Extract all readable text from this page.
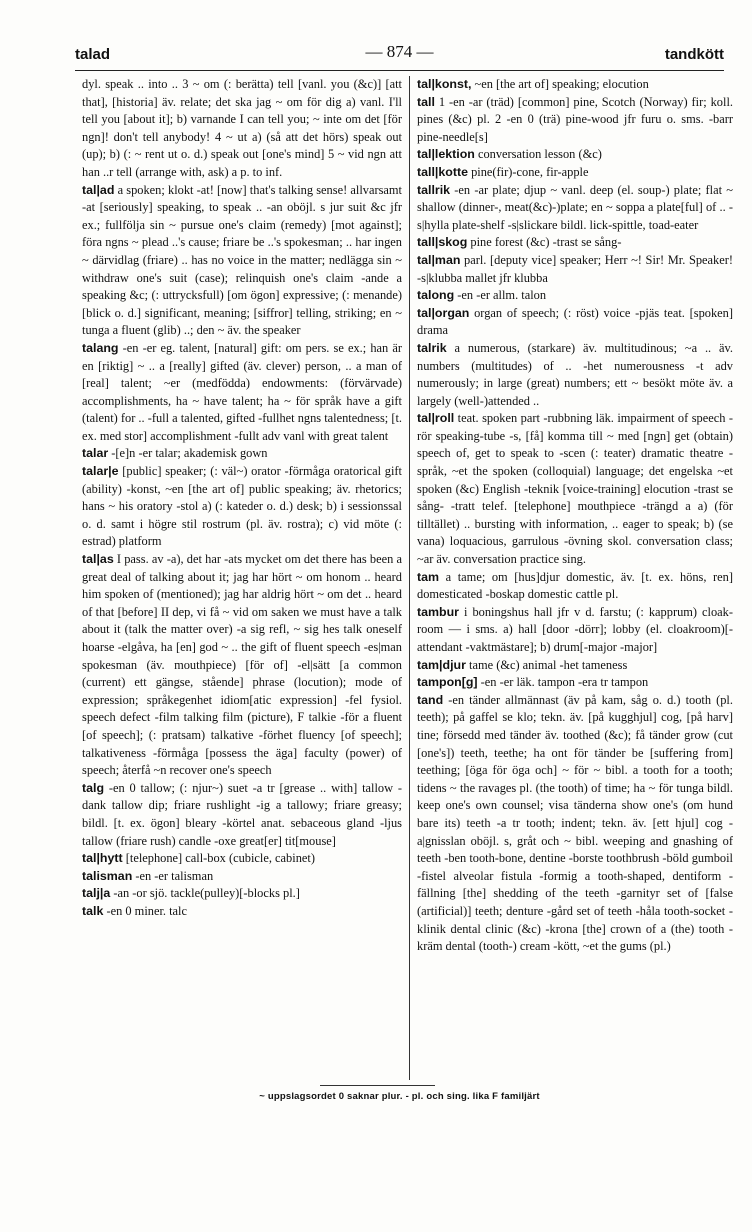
talad	— 874 —	tandkött

dyl. speak .. into .. 3 ~ om (: berätta) tell [vanl. you (&c)] [att that], [historia] äv. relate; det ska jag ~ om för dig a) vanl. I'll tell you [about it]; b) varnande I can tell you; ~ inte om det [för ngn]! don't tell anybody! 4 ~ ut a) (så att det hörs) speak out (up); b) (: ~ rent ut o. d.) speak out [one's mind] 5 ~ vid ngn att han ..r tell (arrange with, ask) a p. to inf.

tal|ad a spoken; klokt -at! [now] that's talking sense! allvarsamt -at [seriously] speaking, to speak .. -an oböjl. s jur suit &c jfr ex.; fullfölja sin ~ pursue one's claim (remedy) [mot against]; föra ngns ~ plead ..'s cause; friare be ..'s spokesman; .. har ingen ~ därvidlag (friare) .. has no voice in the matter; nedlägga sin ~ withdraw one's suit (case); relinquish one's claim -ande a speaking &c; (: uttrycksfull) [om ögon] expressive; (: menande) [blick o. d.] significant, meaning; [siffror] telling, striking; en ~ tunga a fluent (glib) ..; den ~ äv. the speaker

talang -en -er eg. talent, [natural] gift: om pers. se ex.; han är en [riktig] ~ .. a [really] gifted (äv. clever) person, .. a man of [real] talent; ~er (medfödda) endowments: (förvärvade) accomplishments, ha ~ have talent; ha ~ för språk have a gift (talent) for .. -full a talented, gifted -fullhet ngns talentedness; [t. ex. med stor] accomplishment -fullt adv vanl with great talent

talar -[e]n -er talar; akademisk gown

talar|e [public] speaker; (: väl~) orator -förmåga oratorical gift (ability) -konst, ~en [the art of] public speaking; äv. rhetorics; hans ~ his oratory -stol a) (: kateder o. d.) desk; b) i sessionssal o. d. samt i högre stil rostrum (pl. äv. rostra); c) vid möte (: estrad) platform

tal|as I pass. av -a), det har -ats mycket om det there has been a great deal of talking about it; jag har hört ~ om honom .. heard him spoken of (mentioned); jag har aldrig hört ~ om det .. heard of that [before] II dep, vi få ~ vid om saken we must have a talk about it (talk the matter over) -a sig refl, ~ sig hes talk oneself hoarse -elgåva, ha [en] god ~ .. the gift of fluent speech -es|man spokesman (äv. mouthpiece) [för of] -el|sätt [a common (current) ett gängse, stående] phrase (locution); mode of expression; språkegenhet idiom[atic expression] -fel fysiol. speech defect -film talking film (picture), F talkie -för a fluent [of speech]; (: pratsam) talkative -förhet fluency [of speech]; talkativeness -förmåga [possess the äga] faculty (power) of speech; återfå ~n recover one's speech

talg -en 0 tallow; (: njur~) suet -a tr [grease .. with] tallow -dank tallow dip; friare rushlight -ig a tallowy; friare greasy; bildl. [t. ex. ögon] bleary -körtel anat. sebaceous gland -ljus tallow (friare rush) candle -oxe great[er] tit[mouse]

tal|hytt [telephone] call-box (cubicle, cabinet)

talisman -en -er talisman

talj|a -an -or sjö. tackle(pulley)[-blocks pl.]

talk -en 0 miner. talc

tal|konst, ~en [the art of] speaking; elocution

tall 1 -en -ar (träd) [common] pine, Scotch (Norway) fir; koll. pines (&c) pl. 2 -en 0 (trä) pine-wood jfr furu o. sms. -barr pine-needle[s]

tal|lektion conversation lesson (&c)

tall|kotte pine(fir)-cone, fir-apple

tallrik -en -ar plate; djup ~ vanl. deep (el. soup-) plate; flat ~ shallow (dinner-, meat(&c)-)plate; en ~ soppa a plate[ful] of .. -s|hylla plate-shelf -s|slickare bildl. lick-spittle, toad-eater

tall|skog pine forest (&c) -trast se sång-

tal|man parl. [deputy vice] speaker; Herr ~! Sir! Mr. Speaker! -s|klubba mallet jfr klubba

talong -en -er allm. talon

tal|organ organ of speech; (: röst) voice -pjäs teat. [spoken] drama

talrik a numerous, (starkare) äv. multitudinous; ~a .. äv. numbers (multitudes) of .. -het numerousness -t adv numerously; in large (great) numbers; ett ~ besökt möte äv. a largely (well-)attended ..

tal|roll teat. spoken part -rubbning läk. impairment of speech -rör speaking-tube -s, [få] komma till ~ med [ngn] get (obtain) speech of, get to speak to -scen (: teater) dramatic theatre -språk, ~et the spoken (colloquial) language; det engelska ~et spoken (&c) English -teknik [voice-training] elocution -trast se sång- -tratt telef. [telephone] mouthpiece -trängd a a) (för tilltället) .. bursting with information, .. eager to speak; b) (se vana) loquacious, garrulous -övning skol. conversation class; ~ar äv. conversation practice sing.

tam a tame; om [hus]djur domestic, äv. [t. ex. höns, ren] domesticated -boskap domestic cattle pl.

tambur i boningshus hall jfr v d. farstu; (: kapprum) cloak-room — i sms. a) hall [door -dörr]; lobby (el. cloakroom)[-attendant -vaktmästare]; b) drum[-major -major]

tam|djur tame (&c) animal -het tameness

tampon[g] -en -er läk. tampon -era tr tampon

tand -en tänder allmännast (äv på kam, såg o. d.) tooth (pl. teeth); på gaffel se klo; tekn. äv. [på kugghjul] cog, [på harv] tine; försedd med tänder äv. toothed (&c); få tänder grow (cut [one's]) teeth, teethe; ha ont för tänder be [suffering from] teething; [öga för öga och] ~ för ~ bibl. a tooth for a tooth; tidens ~ the ravages pl. (the tooth) of time; ha ~ för tunga bildl. keep one's own counsel; visa tänderna show one's (om hund bare its) teeth -a tr tooth; indent; tekn. äv. [ett hjul] cog -a|gnisslan oböjl. s, gråt och ~ bibl. weeping and gnashing of teeth -ben tooth-bone, dentine -borste toothbrush -böld gumboil -fistel alveolar fistula -formig a tooth-shaped, dentiform -fällning [the] shedding of the teeth -garnityr set of [false (artificial)] teeth; denture -gård set of teeth -håla tooth-socket -klinik dental clinic (&c) -krona [the] crown of a (the) tooth -kräm dental (tooth-) cream -kött, ~et the gums (pl.)

~ uppslagsordet 0 saknar plur. - pl. och sing. lika F familjärt
